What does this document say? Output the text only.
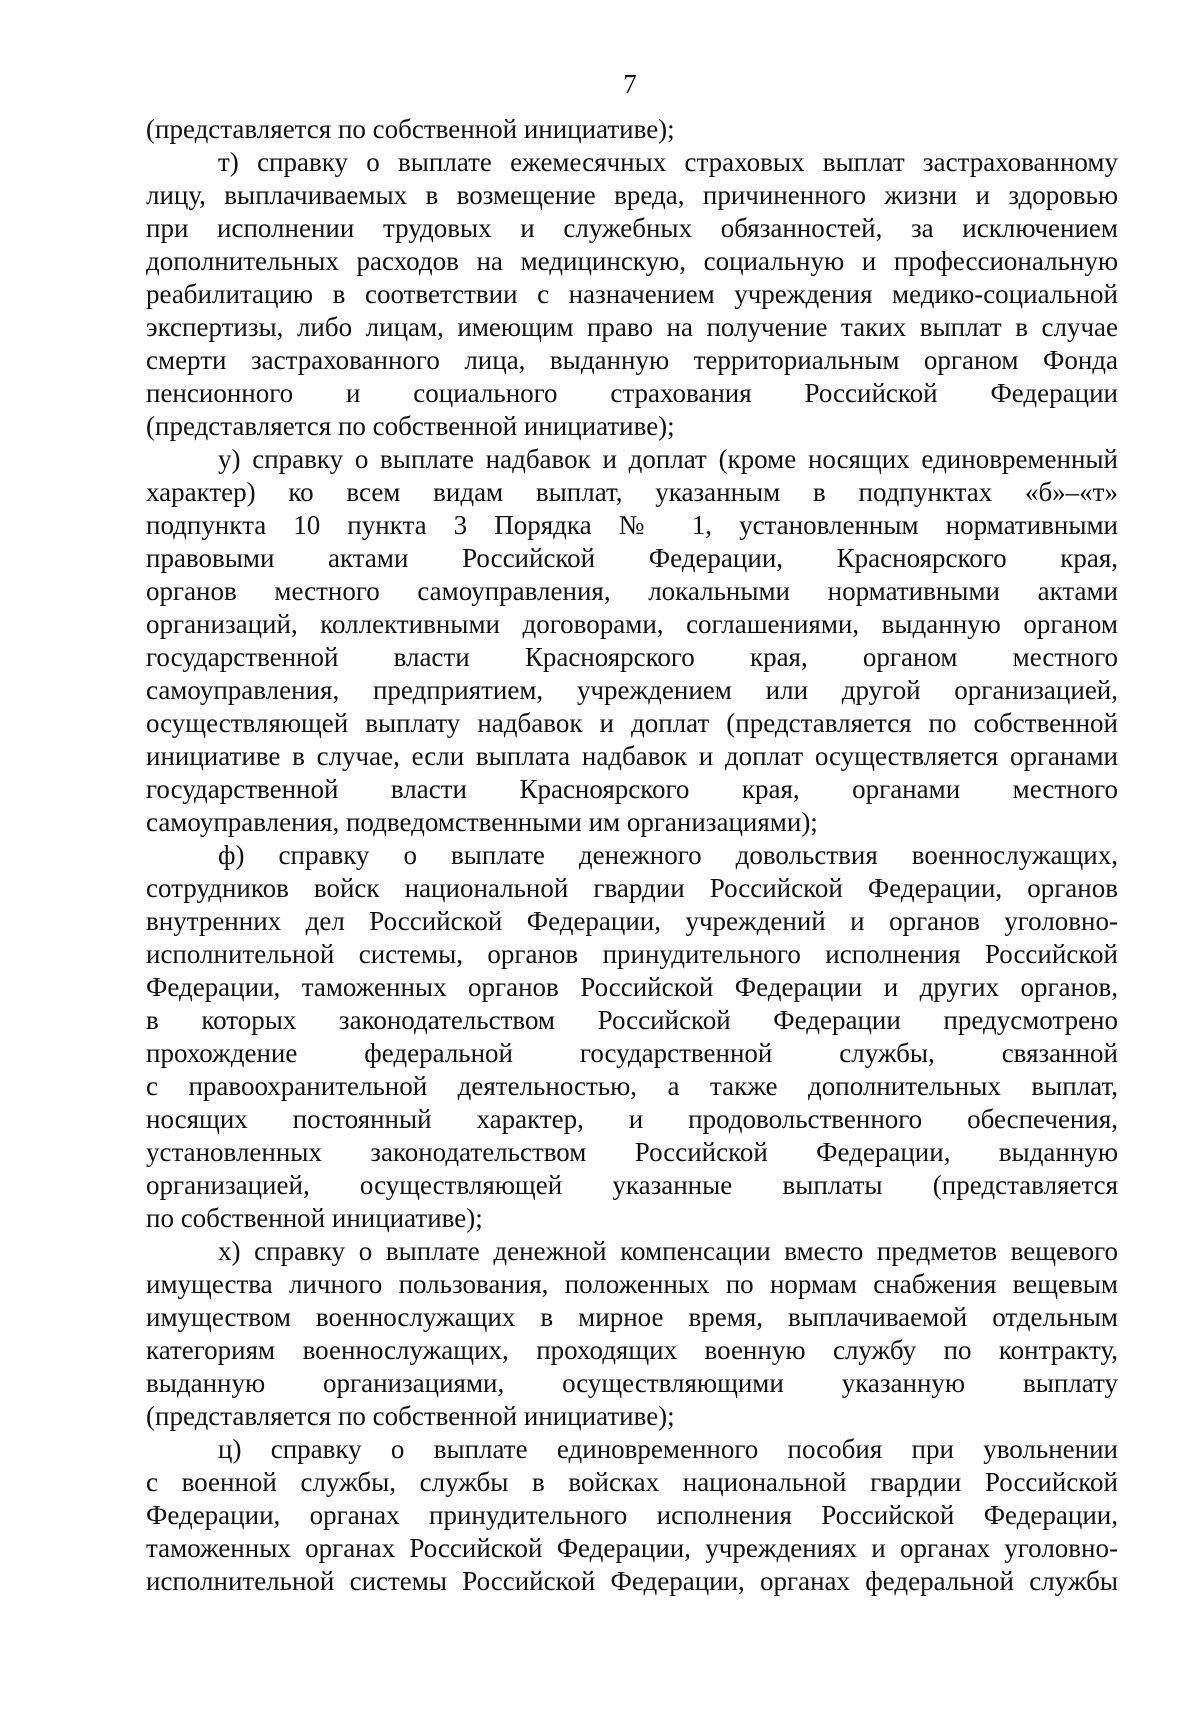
7

(представляется по собственной инициативе);

т) справку о выплате ежемесячных страховых выплат застрахованному
лицу, выплачиваемых в возмещение вреда, причиненного жизни и здоровью
при исполнении трудовых и служебных обязанностей, за исключением
дополнительных расходов на медицинскую, социальную и профессиональную
реабилитацию в соответствии с назначением учреждения медико-социальной
экспертизы, либо лицам, имеющим право на получение таких выплат в случае
смерти застрахованного лица, выданную территориальным органом Фонда
пенсионного и социального страхования Российской Федерации
(представляется по собственной инициативе);

у) справку о выплате надбавок и доплат (кроме носящих единовременный
характер) ко всем видам выплат, указанным в подпунктах «б»–«т»
подпункта 10 пункта 3 Порядка № 1, установленным нормативными
правовыми актами Российской Федерации, Красноярского края,
органов местного самоуправления, локальными нормативными актами
организаций, коллективными договорами, соглашениями, выданную органом
государственной власти Красноярского края, органом местного
самоуправления, предприятием, учреждением или другой организацией,
осуществляющей выплату надбавок и доплат (представляется по собственной
инициативе в случае, если выплата надбавок и доплат осуществляется органами
государственной власти Красноярского края, органами местного
самоуправления, подведомственными им организациями);

ф) справку о выплате денежного довольствия военнослужащих,
сотрудников войск национальной гвардии Российской Федерации, органов
внутренних дел Российской Федерации, учреждений и органов уголовно-
исполнительной системы, органов принудительного исполнения Российской
Федерации, таможенных органов Российской Федерации и других органов,
в которых законодательством Российской Федерации предусмотрено
прохождение федеральной государственной службы, связанной
с правоохранительной деятельностью, а также дополнительных выплат,
носящих постоянный характер, и продовольственного обеспечения,
установленных законодательством Российской Федерации, выданную
организацией, осуществляющей указанные выплаты (представляется
по собственной инициативе);

х) справку о выплате денежной компенсации вместо предметов вещевого
имущества личного пользования, положенных по нормам снабжения вещевым
имуществом военнослужащих в мирное время, выплачиваемой отдельным
категориям военнослужащих, проходящих военную службу по контракту,
выданную организациями, осуществляющими указанную выплату
(представляется по собственной инициативе);

ц) справку о выплате единовременного пособия при увольнении
с военной службы, службы в войсках национальной гвардии Российской
Федерации, органах принудительного исполнения Российской Федерации,
таможенных органах Российской Федерации, учреждениях и органах уголовно-
исполнительной системы Российской Федерации, органах федеральной службы
